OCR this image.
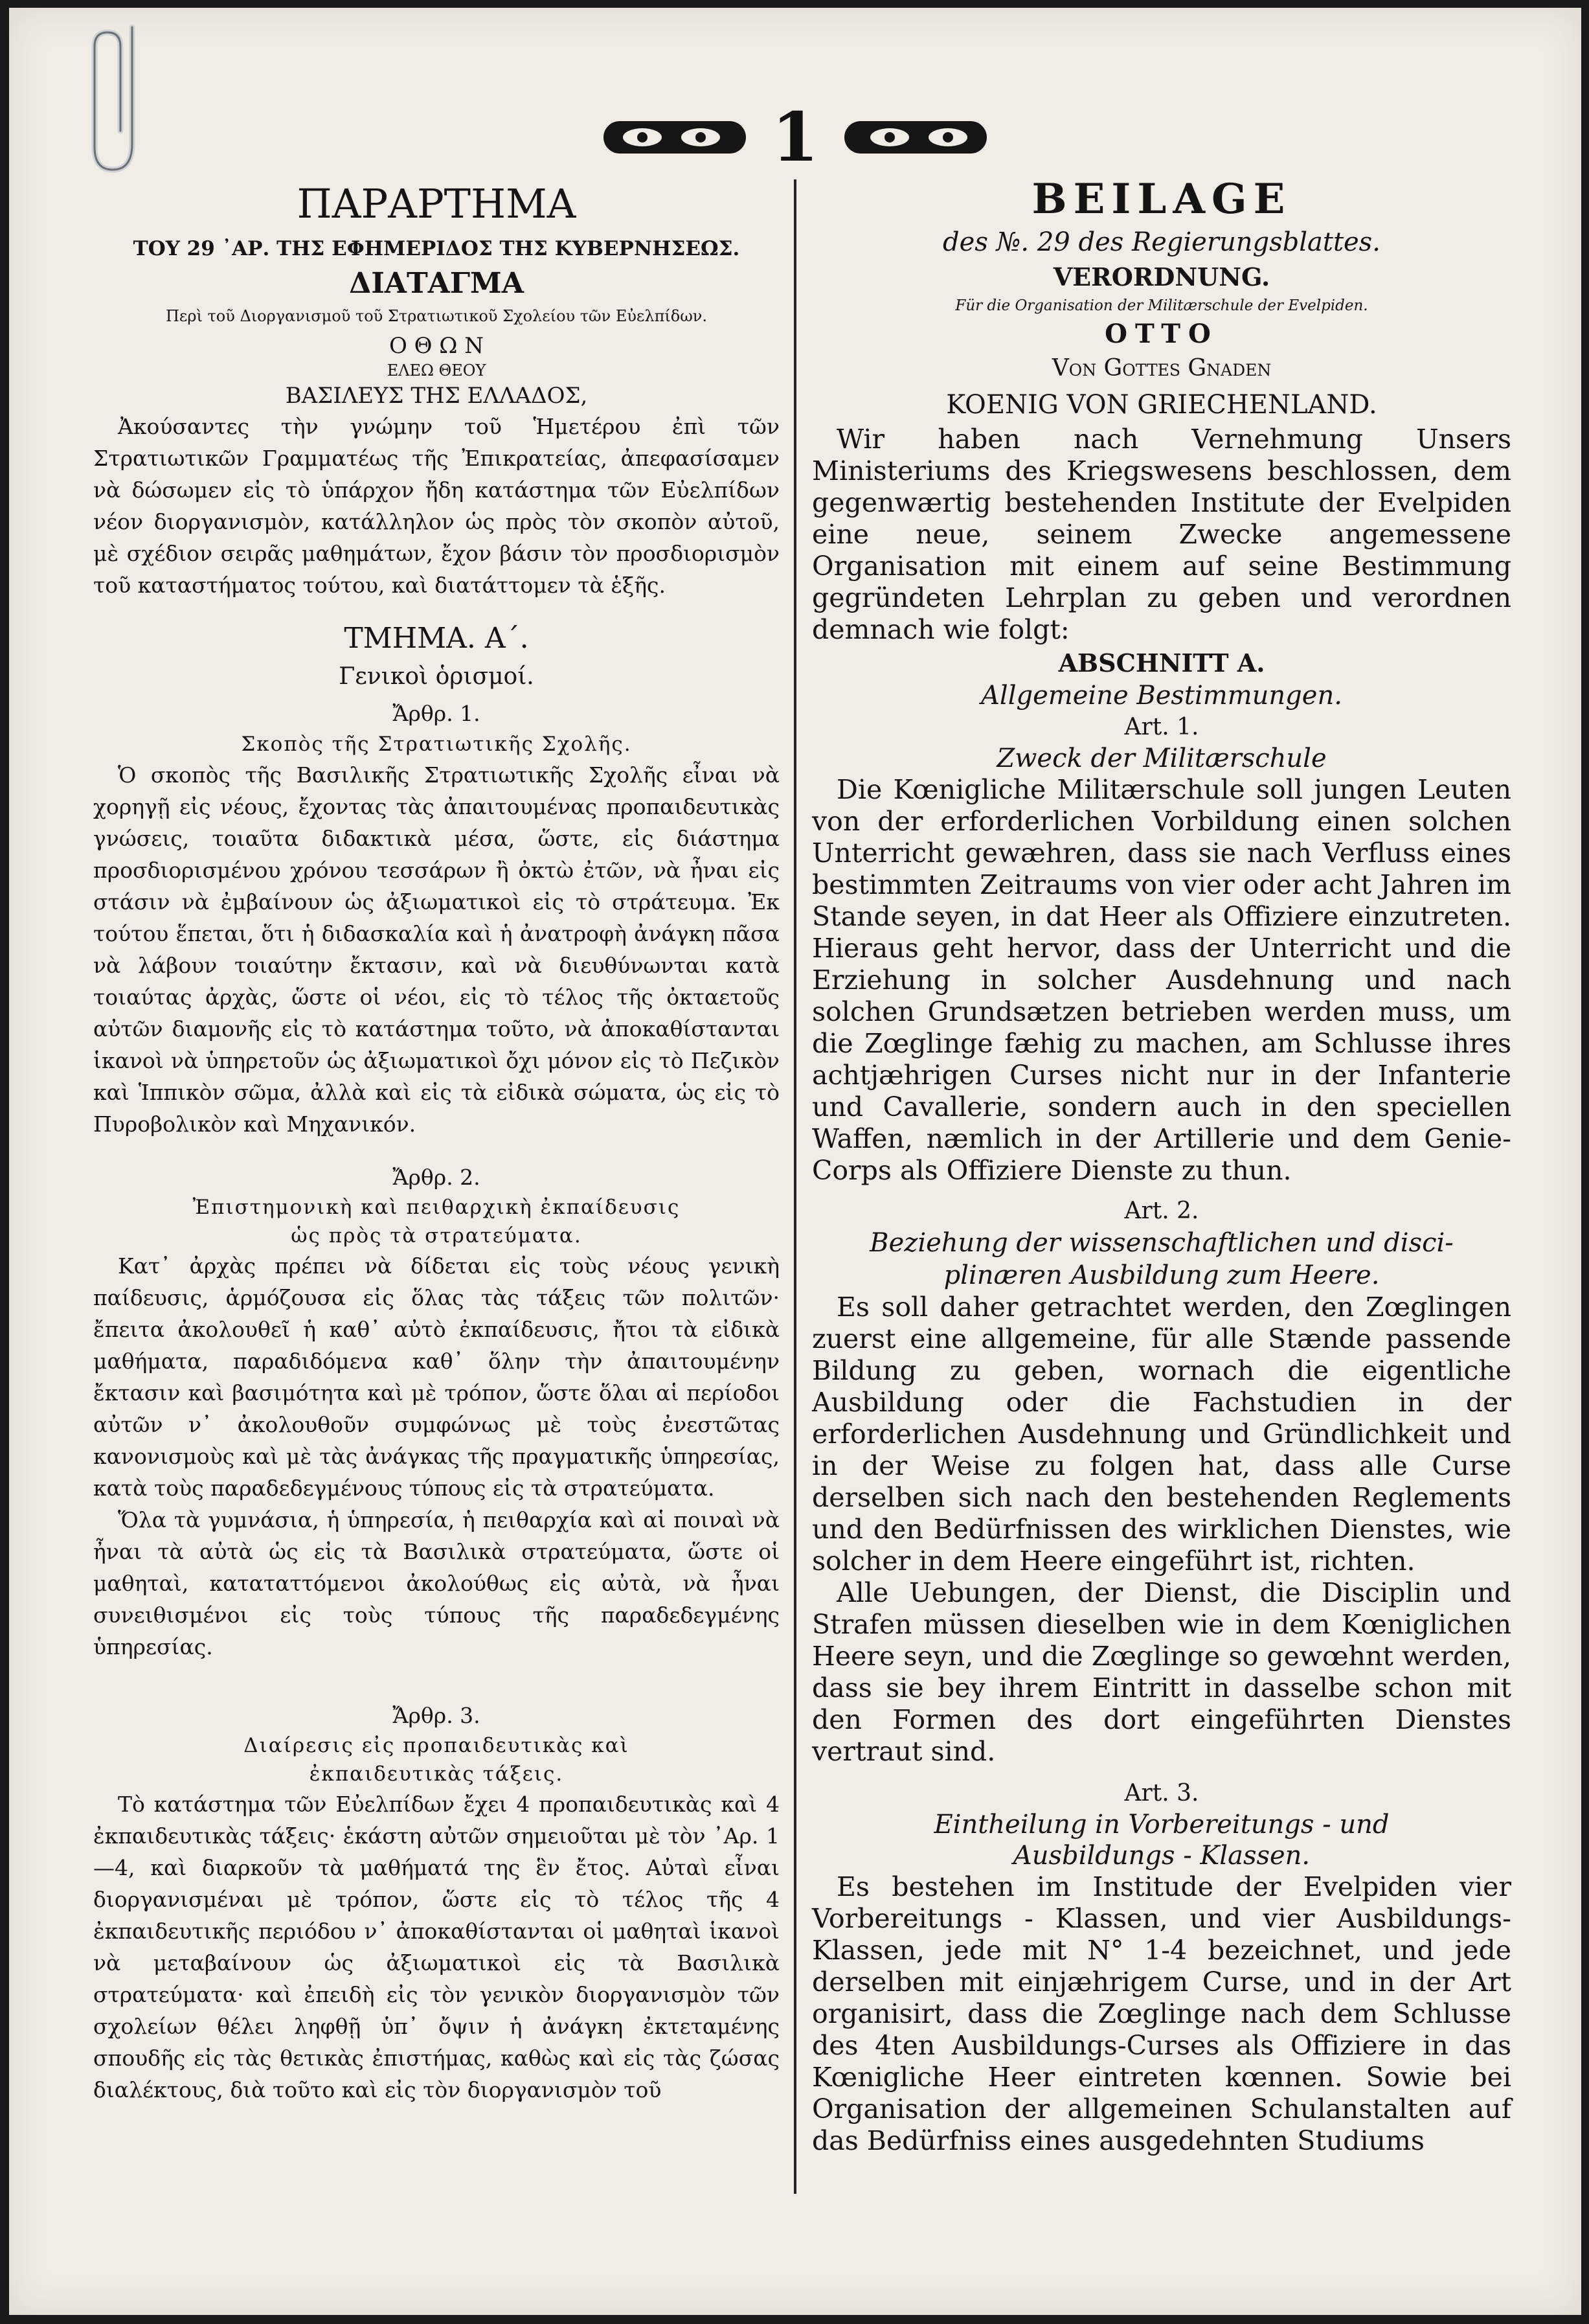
1
ΠΑΡΑΡΤΗΜΑ
ΤΟΥ 29 ᾿ΑΡ. ΤΗΣ ΕΦΗΜΕΡΙΔΟΣ ΤΗΣ ΚΥΒΕΡΝΗΣΕΩΣ.
ΔΙΑΤΑΓΜΑ
Περὶ τοῦ Διοργανισμοῦ τοῦ Στρατιωτικοῦ Σχολείου τῶν Εὐελπίδων.
Ο Θ Ω Ν
ΕΛΕΩ ΘΕΟΥ
ΒΑΣΙΛΕΥΣ ΤΗΣ ΕΛΛΑΔΟΣ,

Ἀκούσαντες τὴν γνώμην τοῦ Ἡμετέρου ἐπὶ τῶν Στρατιωτικῶν Γραμματέως τῆς Ἐπικρατείας, ἀπεφασίσαμεν νὰ δώσωμεν εἰς τὸ ὑπάρχον ἤδη κατάστημα τῶν Εὐελπίδων νέον διοργανισμὸν, κατάλληλον ὡς πρὸς τὸν σκοπὸν αὐτοῦ, μὲ σχέδιον σειρᾶς μαθημάτων, ἔχον βάσιν τὸν προσδιορισμὸν τοῦ καταστήματος τούτου, καὶ διατάττομεν τὰ ἑξῆς.

ΤΜΗΜΑ. Α΄.
Γενικοὶ ὁρισμοί.
Ἄρθρ. 1.
Σκοπὸς τῆς Στρατιωτικῆς Σχολῆς.

Ὁ σκοπὸς τῆς Βασιλικῆς Στρατιωτικῆς Σχολῆς εἶναι νὰ χορηγῇ εἰς νέους, ἔχοντας τὰς ἀπαιτουμένας προπαιδευτικὰς γνώσεις, τοιαῦτα διδακτικὰ μέσα, ὥστε, εἰς διάστημα προσδιορισμένου χρόνου τεσσάρων ἢ ὀκτὼ ἐτῶν, νὰ ἦναι εἰς στάσιν νὰ ἐμβαίνουν ὡς ἀξιωματικοὶ εἰς τὸ στράτευμα. Ἐκ τούτου ἕπεται, ὅτι ἡ διδασκαλία καὶ ἡ ἀνατροφὴ ἀνάγκη πᾶσα νὰ λάβουν τοιαύτην ἔκτασιν, καὶ νὰ διευθύνωνται κατὰ τοιαύτας ἀρχὰς, ὥστε οἱ νέοι, εἰς τὸ τέλος τῆς ὀκταετοῦς αὐτῶν διαμονῆς εἰς τὸ κατάστημα τοῦτο, νὰ ἀποκαθίστανται ἱκανοὶ νὰ ὑπηρετοῦν ὡς ἀξιωματικοὶ ὄχι μόνον εἰς τὸ Πεζικὸν καὶ Ἱππικὸν σῶμα, ἀλλὰ καὶ εἰς τὰ εἰδικὰ σώματα, ὡς εἰς τὸ Πυροβολικὸν καὶ Μηχανικόν.

Ἄρθρ. 2.
Ἐπιστημονικὴ καὶ πειθαρχικὴ ἐκπαίδευσις
ὡς πρὸς τὰ στρατεύματα.

Κατ᾿ ἀρχὰς πρέπει νὰ δίδεται εἰς τοὺς νέους γενικὴ παίδευσις, ἁρμόζουσα εἰς ὅλας τὰς τάξεις τῶν πολιτῶν· ἔπειτα ἀκολουθεῖ ἡ καθ᾿ αὐτὸ ἐκπαίδευσις, ἤτοι τὰ εἰδικὰ μαθήματα, παραδιδόμενα καθ᾿ ὅλην τὴν ἀπαιτουμένην ἔκτασιν καὶ βασιμότητα καὶ μὲ τρόπον, ὥστε ὅλαι αἱ περίοδοι αὐτῶν ν᾿ ἀκολουθοῦν συμφώνως μὲ τοὺς ἐνεστῶτας κανονισμοὺς καὶ μὲ τὰς ἀνάγκας τῆς πραγματικῆς ὑπηρεσίας, κατὰ τοὺς παραδεδεγμένους τύπους εἰς τὰ στρατεύματα.

Ὅλα τὰ γυμνάσια, ἡ ὑπηρεσία, ἡ πειθαρχία καὶ αἱ ποιναὶ νὰ ἦναι τὰ αὐτὰ ὡς εἰς τὰ Βασιλικὰ στρατεύματα, ὥστε οἱ μαθηταὶ, καταταττόμενοι ἀκολούθως εἰς αὐτὰ, νὰ ἦναι συνειθισμένοι εἰς τοὺς τύπους τῆς παραδεδεγμένης ὑπηρεσίας.

Ἄρθρ. 3.
Διαίρεσις εἰς προπαιδευτικὰς καὶ
ἐκπαιδευτικὰς τάξεις.

Τὸ κατάστημα τῶν Εὐελπίδων ἔχει 4 προπαιδευτικὰς καὶ 4 ἐκπαιδευτικὰς τάξεις· ἑκάστη αὐτῶν σημειοῦται μὲ τὸν ᾿Αρ. 1—4, καὶ διαρκοῦν τὰ μαθήματά της ἓν ἔτος. Αὐταὶ εἶναι διοργανισμέναι μὲ τρόπον, ὥστε εἰς τὸ τέλος τῆς 4 ἐκπαιδευτικῆς περιόδου ν᾿ ἀποκαθίστανται οἱ μαθηταὶ ἱκανοὶ νὰ μεταβαίνουν ὡς ἀξιωματικοὶ εἰς τὰ Βασιλικὰ στρατεύματα· καὶ ἐπειδὴ εἰς τὸν γενικὸν διοργανισμὸν τῶν σχολείων θέλει ληφθῇ ὑπ᾿ ὄψιν ἡ ἀνάγκη ἐκτεταμένης σπουδῆς εἰς τὰς θετικὰς ἐπιστήμας, καθὼς καὶ εἰς τὰς ζώσας διαλέκτους, διὰ τοῦτο καὶ εἰς τὸν διοργανισμὸν τοῦ

BEILAGE
des №. 29 des Regierungsblattes.
VERORDNUNG.
Für die Organisation der Militærschule der Evelpiden.
OTTO
Von Gottes Gnaden
KOENIG VON GRIECHENLAND.

Wir haben nach Vernehmung Unsers Ministeriums des Kriegswesens beschlossen, dem gegenwærtig bestehenden Institute der Evelpiden eine neue, seinem Zwecke angemessene Organisation mit einem auf seine Bestimmung gegründeten Lehrplan zu geben und verordnen demnach wie folgt:

ABSCHNITT A.
Allgemeine Bestimmungen.
Art. 1.
Zweck der Militærschule

Die Kœnigliche Militærschule soll jungen Leuten von der erforderlichen Vorbildung einen solchen Unterricht gewæhren, dass sie nach Verfluss eines bestimmten Zeitraums von vier oder acht Jahren im Stande seyen, in dat Heer als Offiziere einzutreten. Hieraus geht hervor, dass der Unterricht und die Erziehung in solcher Ausdehnung und nach solchen Grundsætzen betrieben werden muss, um die Zœglinge fæhig zu machen, am Schlusse ihres achtjæhrigen Curses nicht nur in der Infanterie und Cavallerie, sondern auch in den speciellen Waffen, næmlich in der Artillerie und dem Genie-Corps als Offiziere Dienste zu thun.

Art. 2.
Beziehung der wissenschaftlichen und disci-
plinæren Ausbildung zum Heere.

Es soll daher getrachtet werden, den Zœglingen zuerst eine allgemeine, für alle Stænde passende Bildung zu geben, wornach die eigentliche Ausbildung oder die Fachstudien in der erforderlichen Ausdehnung und Gründlichkeit und in der Weise zu folgen hat, dass alle Curse derselben sich nach den bestehenden Reglements und den Bedürfnissen des wirklichen Dienstes, wie solcher in dem Heere eingeführt ist, richten.

Alle Uebungen, der Dienst, die Disciplin und Strafen müssen dieselben wie in dem Kœniglichen Heere seyn, und die Zœglinge so gewœhnt werden, dass sie bey ihrem Eintritt in dasselbe schon mit den Formen des dort eingeführten Dienstes vertraut sind.

Art. 3.
Eintheilung in Vorbereitungs - und
Ausbildungs - Klassen.

Es bestehen im Institude der Evelpiden vier Vorbereitungs - Klassen, und vier Ausbildungs-Klassen, jede mit N° 1-4 bezeichnet, und jede derselben mit einjæhrigem Curse, und in der Art organisirt, dass die Zœglinge nach dem Schlusse des 4ten Ausbildungs-Curses als Offiziere in das Kœnigliche Heer eintreten kœnnen. Sowie bei Organisation der allgemeinen Schulanstalten auf das Bedürfniss eines ausgedehnten Studiums
